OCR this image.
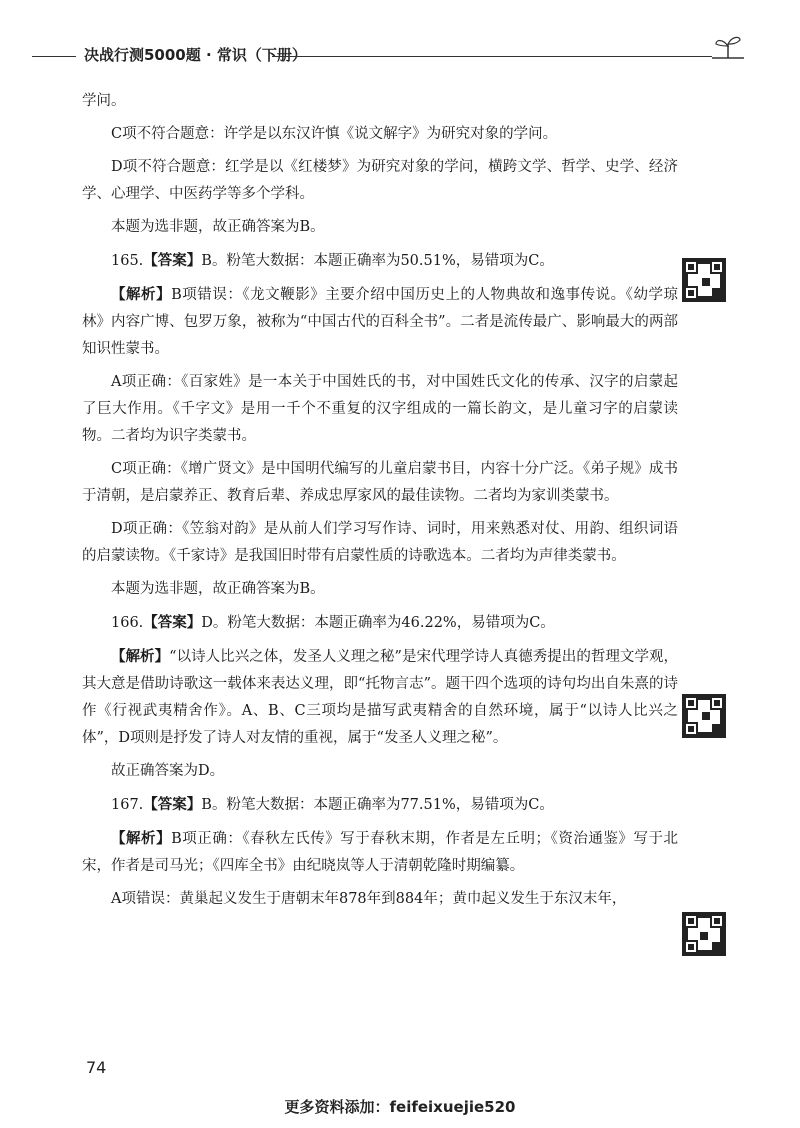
决战行测5000题 · 常识（下册）

学问。

C项不符合题意：许学是以东汉许慎《说文解字》为研究对象的学问。

D项不符合题意：红学是以《红楼梦》为研究对象的学问，横跨文学、哲学、史学、经济学、心理学、中医药学等多个学科。

本题为选非题，故正确答案为B。

165.【答案】B。粉笔大数据：本题正确率为50.51%，易错项为C。

【解析】B项错误：《龙文鞭影》主要介绍中国历史上的人物典故和逸事传说。《幼学琼林》内容广博、包罗万象，被称为“中国古代的百科全书”。二者是流传最广、影响最大的两部知识性蒙书。

A项正确：《百家姓》是一本关于中国姓氏的书，对中国姓氏文化的传承、汉字的启蒙起了巨大作用。《千字文》是用一千个不重复的汉字组成的一篇长韵文，是儿童习字的启蒙读物。二者均为识字类蒙书。

C项正确：《增广贤文》是中国明代编写的儿童启蒙书目，内容十分广泛。《弟子规》成书于清朝，是启蒙养正、教育后辈、养成忠厚家风的最佳读物。二者均为家训类蒙书。

D项正确：《笠翁对韵》是从前人们学习写作诗、词时，用来熟悉对仗、用韵、组织词语的启蒙读物。《千家诗》是我国旧时带有启蒙性质的诗歌选本。二者均为声律类蒙书。

本题为选非题，故正确答案为B。

166.【答案】D。粉笔大数据：本题正确率为46.22%，易错项为C。

【解析】“以诗人比兴之体，发圣人义理之秘”是宋代理学诗人真德秀提出的哲理文学观，其大意是借助诗歌这一载体来表达义理，即“托物言志”。题干四个选项的诗句均出自朱熹的诗作《行视武夷精舍作》。A、B、C三项均是描写武夷精舍的自然环境，属于“以诗人比兴之体”，D项则是抒发了诗人对友情的重视，属于“发圣人义理之秘”。

故正确答案为D。

167.【答案】B。粉笔大数据：本题正确率为77.51%，易错项为C。

【解析】B项正确：《春秋左氏传》写于春秋末期，作者是左丘明；《资治通鉴》写于北宋，作者是司马光；《四库全书》由纪晓岚等人于清朝乾隆时期编纂。

A项错误：黄巢起义发生于唐朝末年878年到884年；黄巾起义发生于东汉末年，

74
更多资料添加：feifeixuejie520
